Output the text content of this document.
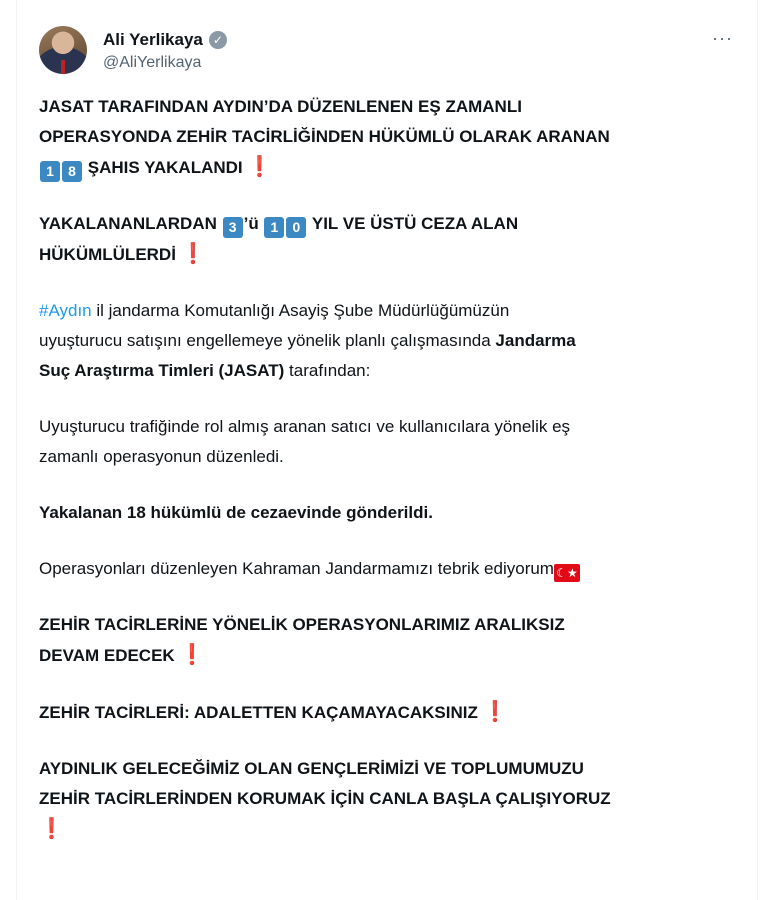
Ali Yerlikaya ✓
@AliYerlikaya
···

JASAT TARAFINDAN AYDIN’DA DÜZENLENEN EŞ ZAMANLI
OPERASYONDA ZEHİR TACİRLİĞİNDEN HÜKÜMLÜ OLARAK ARANAN
1 8 ŞAHIS YAKALANDI ❗

YAKALANANLARDAN 3 ’ü 1 0 YIL VE ÜSTÜ CEZA ALAN
HÜKÜMLÜLERDİ ❗

#Aydın il jandarma Komutanlığı Asayiş Şube Müdürlüğümüzün
uyuşturucu satışını engellemeye yönelik planlı çalışmasında Jandarma
Suç Araştırma Timleri (JASAT) tarafından:

Uyuşturucu trafiğinde rol almış aranan satıcı ve kullanıcılara yönelik eş
zamanlı operasyonun düzenledi.

Yakalanan 18 hükümlü de cezaevinde gönderildi.

Operasyonları düzenleyen Kahraman Jandarmamızı tebrik ediyorum ☾★

ZEHİR TACİRLERİNE YÖNELİK OPERASYONLARIMIZ ARALIKSIZ
DEVAM EDECEK ❗

ZEHİR TACİRLERİ: ADALETTEN KAÇAMAYACAKSINIZ ❗

AYDINLIK GELECEĞİMİZ OLAN GENÇLERİMİZİ VE TOPLUMUMUZU
ZEHİR TACİRLERİNDEN KORUMAK İÇİN CANLA BAŞLA ÇALIŞIYORUZ
❗
